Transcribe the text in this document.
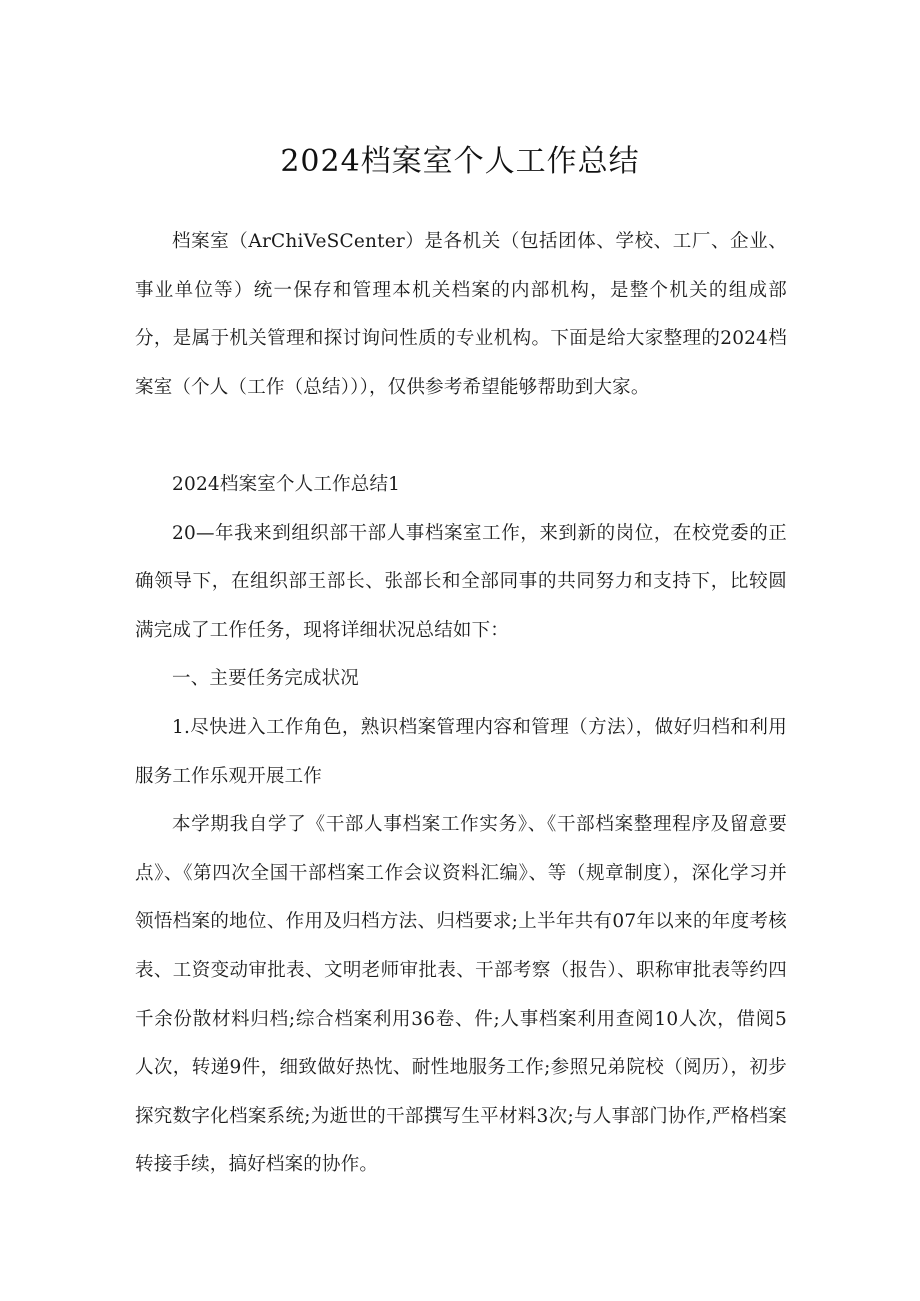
2024档案室个人工作总结

档案室（ArChiVeSCenter）是各机关（包括团体、学校、工厂、企业、事业单位等）统一保存和管理本机关档案的内部机构，是整个机关的组成部分，是属于机关管理和探讨询问性质的专业机构。下面是给大家整理的2024档案室（个人（工作（总结））），仅供参考希望能够帮助到大家。

2024档案室个人工作总结1

20—年我来到组织部干部人事档案室工作，来到新的岗位，在校党委的正确领导下，在组织部王部长、张部长和全部同事的共同努力和支持下，比较圆满完成了工作任务，现将详细状况总结如下：

一、主要任务完成状况

1.尽快进入工作角色，熟识档案管理内容和管理（方法），做好归档和利用服务工作乐观开展工作

本学期我自学了《干部人事档案工作实务》、《干部档案整理程序及留意要点》、《第四次全国干部档案工作会议资料汇编》、等（规章制度），深化学习并领悟档案的地位、作用及归档方法、归档要求;上半年共有07年以来的年度考核表、工资变动审批表、文明老师审批表、干部考察（报告）、职称审批表等约四千余份散材料归档;综合档案利用36卷、件;人事档案利用查阅10人次，借阅5人次，转递9件，细致做好热忱、耐性地服务工作;参照兄弟院校（阅历），初步探究数字化档案系统;为逝世的干部撰写生平材料3次;与人事部门协作,严格档案转接手续，搞好档案的协作。
